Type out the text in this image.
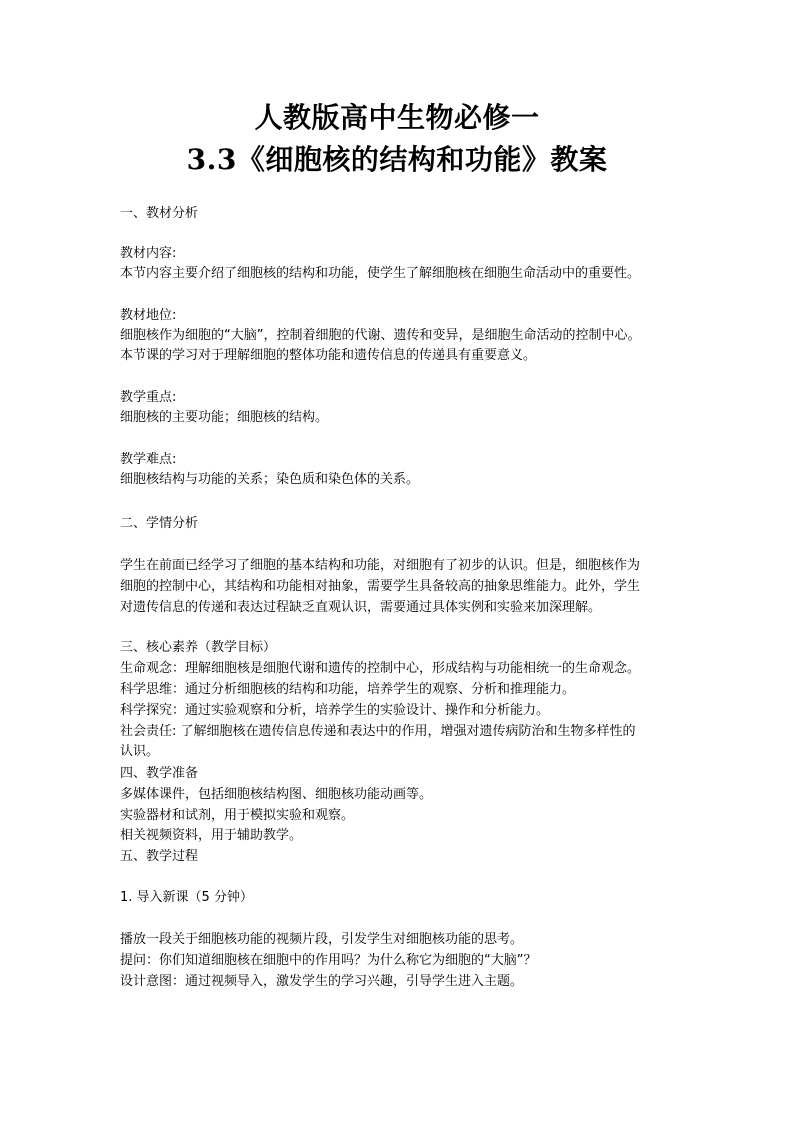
人教版高中生物必修一
3.3《细胞核的结构和功能》教案
一、教材分析
教材内容:
本节内容主要介绍了细胞核的结构和功能，使学生了解细胞核在细胞生命活动中的重要性。
教材地位:
细胞核作为细胞的“大脑”，控制着细胞的代谢、遗传和变异，是细胞生命活动的控制中心。
本节课的学习对于理解细胞的整体功能和遗传信息的传递具有重要意义。
教学重点:
细胞核的主要功能；细胞核的结构。
教学难点:
细胞核结构与功能的关系；染色质和染色体的关系。
二、学情分析
学生在前面已经学习了细胞的基本结构和功能，对细胞有了初步的认识。但是，细胞核作为
细胞的控制中心，其结构和功能相对抽象，需要学生具备较高的抽象思维能力。此外，学生
对遗传信息的传递和表达过程缺乏直观认识，需要通过具体实例和实验来加深理解。
三、核心素养（教学目标）
生命观念：理解细胞核是细胞代谢和遗传的控制中心，形成结构与功能相统一的生命观念。
科学思维：通过分析细胞核的结构和功能，培养学生的观察、分析和推理能力。
科学探究：通过实验观察和分析，培养学生的实验设计、操作和分析能力。
社会责任: 了解细胞核在遗传信息传递和表达中的作用，增强对遗传病防治和生物多样性的
认识。
四、教学准备
多媒体课件，包括细胞核结构图、细胞核功能动画等。
实验器材和试剂，用于模拟实验和观察。
相关视频资料，用于辅助教学。
五、教学过程
1. 导入新课（5 分钟）
播放一段关于细胞核功能的视频片段，引发学生对细胞核功能的思考。
提问：你们知道细胞核在细胞中的作用吗？为什么称它为细胞的“大脑”？
设计意图：通过视频导入，激发学生的学习兴趣，引导学生进入主题。
